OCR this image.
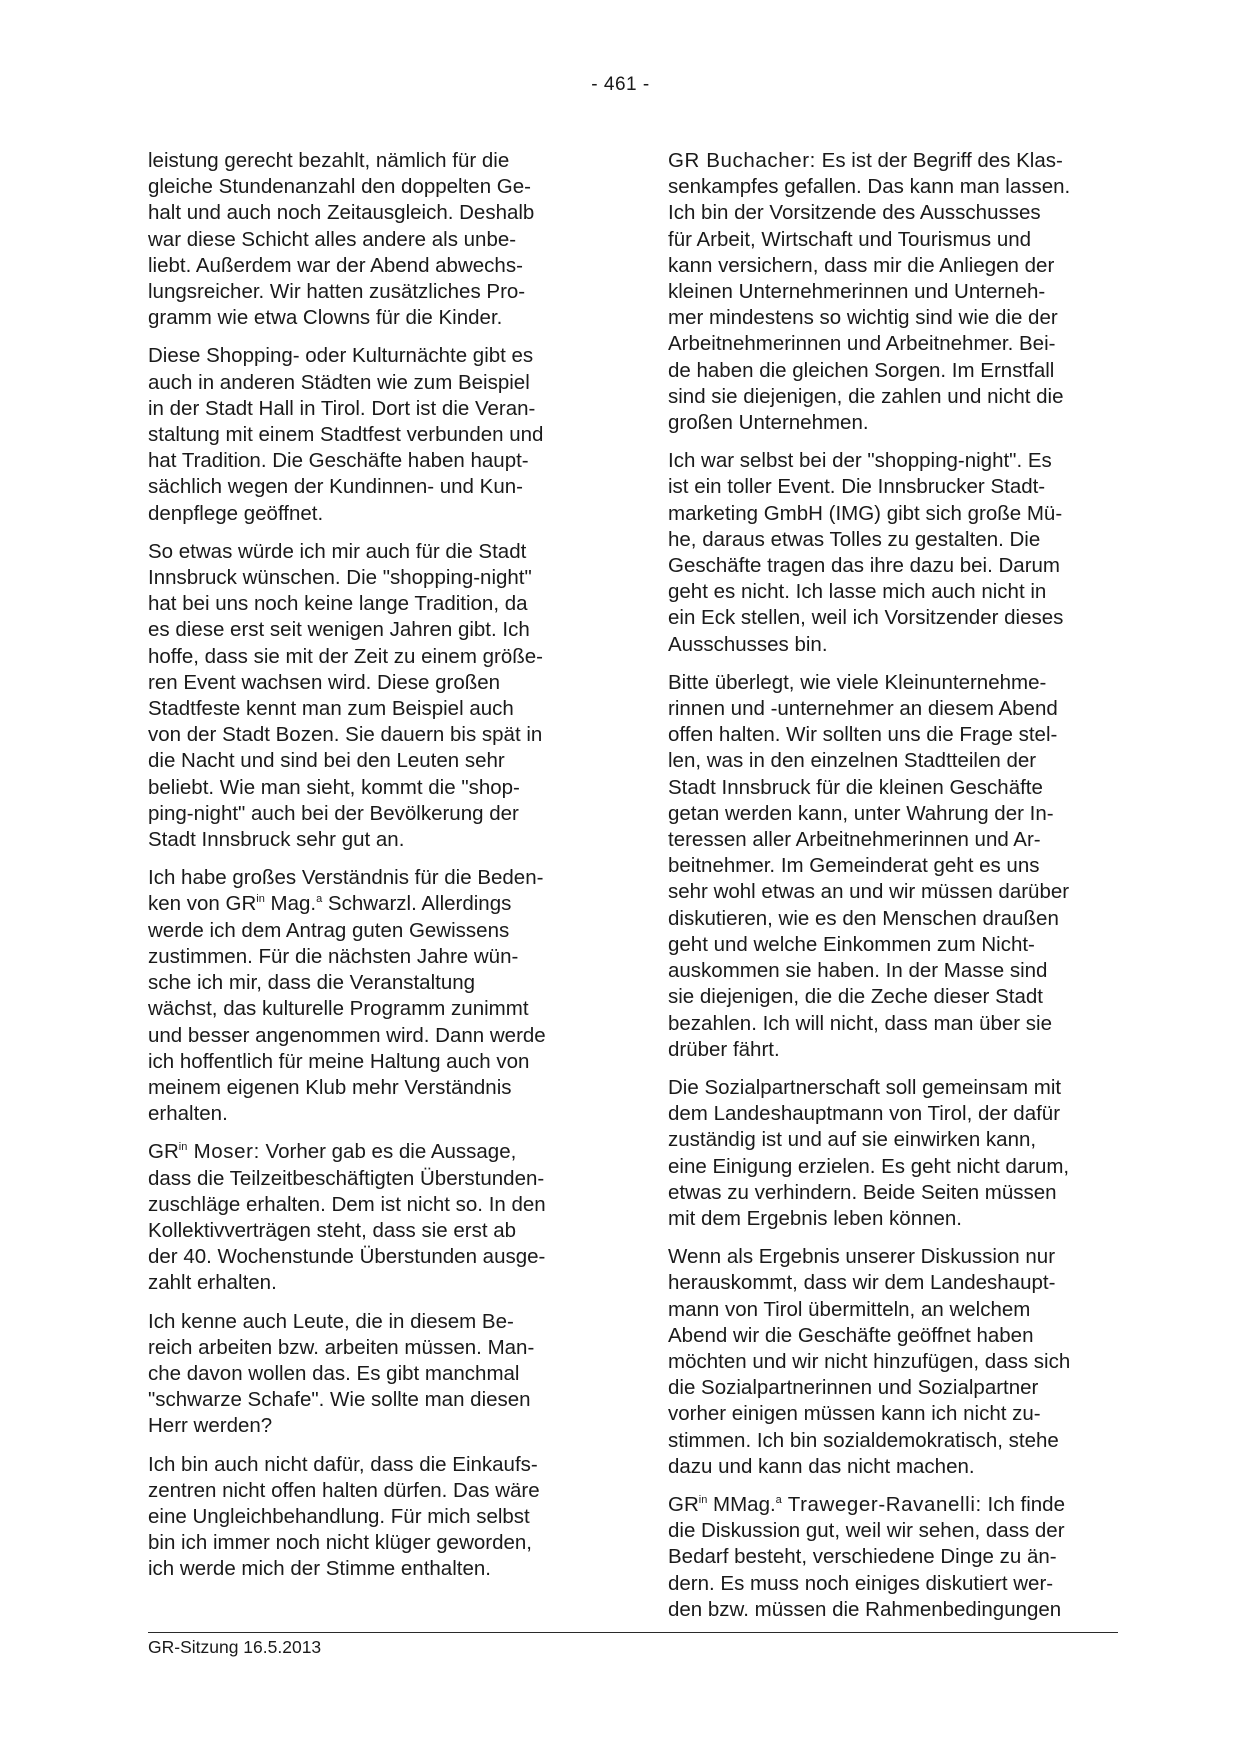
- 461 -

leistung gerecht bezahlt, nämlich für die
gleiche Stundenanzahl den doppelten Ge-
halt und auch noch Zeitausgleich. Deshalb
war diese Schicht alles andere als unbe-
liebt. Außerdem war der Abend abwechs-
lungsreicher. Wir hatten zusätzliches Pro-
gramm wie etwa Clowns für die Kinder.

Diese Shopping- oder Kulturnächte gibt es
auch in anderen Städten wie zum Beispiel
in der Stadt Hall in Tirol. Dort ist die Veran-
staltung mit einem Stadtfest verbunden und
hat Tradition. Die Geschäfte haben haupt-
sächlich wegen der Kundinnen- und Kun-
denpflege geöffnet.

So etwas würde ich mir auch für die Stadt
Innsbruck wünschen. Die "shopping-night"
hat bei uns noch keine lange Tradition, da
es diese erst seit wenigen Jahren gibt. Ich
hoffe, dass sie mit der Zeit zu einem größe-
ren Event wachsen wird. Diese großen
Stadtfeste kennt man zum Beispiel auch
von der Stadt Bozen. Sie dauern bis spät in
die Nacht und sind bei den Leuten sehr
beliebt. Wie man sieht, kommt die "shop-
ping-night" auch bei der Bevölkerung der
Stadt Innsbruck sehr gut an.

Ich habe großes Verständnis für die Beden-
ken von $GR^{in}$ Mag.$^a$ Schwarzl. Allerdings
werde ich dem Antrag guten Gewissens
zustimmen. Für die nächsten Jahre wün-
sche ich mir, dass die Veranstaltung
wächst, das kulturelle Programm zunimmt
und besser angenommen wird. Dann werde
ich hoffentlich für meine Haltung auch von
meinem eigenen Klub mehr Verständnis
erhalten.

$GR^{in}$ Moser: Vorher gab es die Aussage,
dass die Teilzeitbeschäftigten Überstunden-
zuschläge erhalten. Dem ist nicht so. In den
Kollektivverträgen steht, dass sie erst ab
der 40. Wochenstunde Überstunden ausge-
zahlt erhalten.

Ich kenne auch Leute, die in diesem Be-
reich arbeiten bzw. arbeiten müssen. Man-
che davon wollen das. Es gibt manchmal
"schwarze Schafe". Wie sollte man diesen
Herr werden?

Ich bin auch nicht dafür, dass die Einkaufs-
zentren nicht offen halten dürfen. Das wäre
eine Ungleichbehandlung. Für mich selbst
bin ich immer noch nicht klüger geworden,
ich werde mich der Stimme enthalten.

GR Buchacher: Es ist der Begriff des Klas-
senkampfes gefallen. Das kann man lassen.
Ich bin der Vorsitzende des Ausschusses
für Arbeit, Wirtschaft und Tourismus und
kann versichern, dass mir die Anliegen der
kleinen Unternehmerinnen und Unterneh-
mer mindestens so wichtig sind wie die der
Arbeitnehmerinnen und Arbeitnehmer. Bei-
de haben die gleichen Sorgen. Im Ernstfall
sind sie diejenigen, die zahlen und nicht die
großen Unternehmen.

Ich war selbst bei der "shopping-night". Es
ist ein toller Event. Die Innsbrucker Stadt-
marketing GmbH (IMG) gibt sich große Mü-
he, daraus etwas Tolles zu gestalten. Die
Geschäfte tragen das ihre dazu bei. Darum
geht es nicht. Ich lasse mich auch nicht in
ein Eck stellen, weil ich Vorsitzender dieses
Ausschusses bin.

Bitte überlegt, wie viele Kleinunternehme-
rinnen und -unternehmer an diesem Abend
offen halten. Wir sollten uns die Frage stel-
len, was in den einzelnen Stadtteilen der
Stadt Innsbruck für die kleinen Geschäfte
getan werden kann, unter Wahrung der In-
teressen aller Arbeitnehmerinnen und Ar-
beitnehmer. Im Gemeinderat geht es uns
sehr wohl etwas an und wir müssen darüber
diskutieren, wie es den Menschen draußen
geht und welche Einkommen zum Nicht-
auskommen sie haben. In der Masse sind
sie diejenigen, die die Zeche dieser Stadt
bezahlen. Ich will nicht, dass man über sie
drüber fährt.

Die Sozialpartnerschaft soll gemeinsam mit
dem Landeshauptmann von Tirol, der dafür
zuständig ist und auf sie einwirken kann,
eine Einigung erzielen. Es geht nicht darum,
etwas zu verhindern. Beide Seiten müssen
mit dem Ergebnis leben können.

Wenn als Ergebnis unserer Diskussion nur
herauskommt, dass wir dem Landeshaupt-
mann von Tirol übermitteln, an welchem
Abend wir die Geschäfte geöffnet haben
möchten und wir nicht hinzufügen, dass sich
die Sozialpartnerinnen und Sozialpartner
vorher einigen müssen kann ich nicht zu-
stimmen. Ich bin sozialdemokratisch, stehe
dazu und kann das nicht machen.

$GR^{in}$ MMag.$^a$ Traweger-Ravanelli: Ich finde
die Diskussion gut, weil wir sehen, dass der
Bedarf besteht, verschiedene Dinge zu än-
dern. Es muss noch einiges diskutiert wer-
den bzw. müssen die Rahmenbedingungen

GR-Sitzung 16.5.2013
